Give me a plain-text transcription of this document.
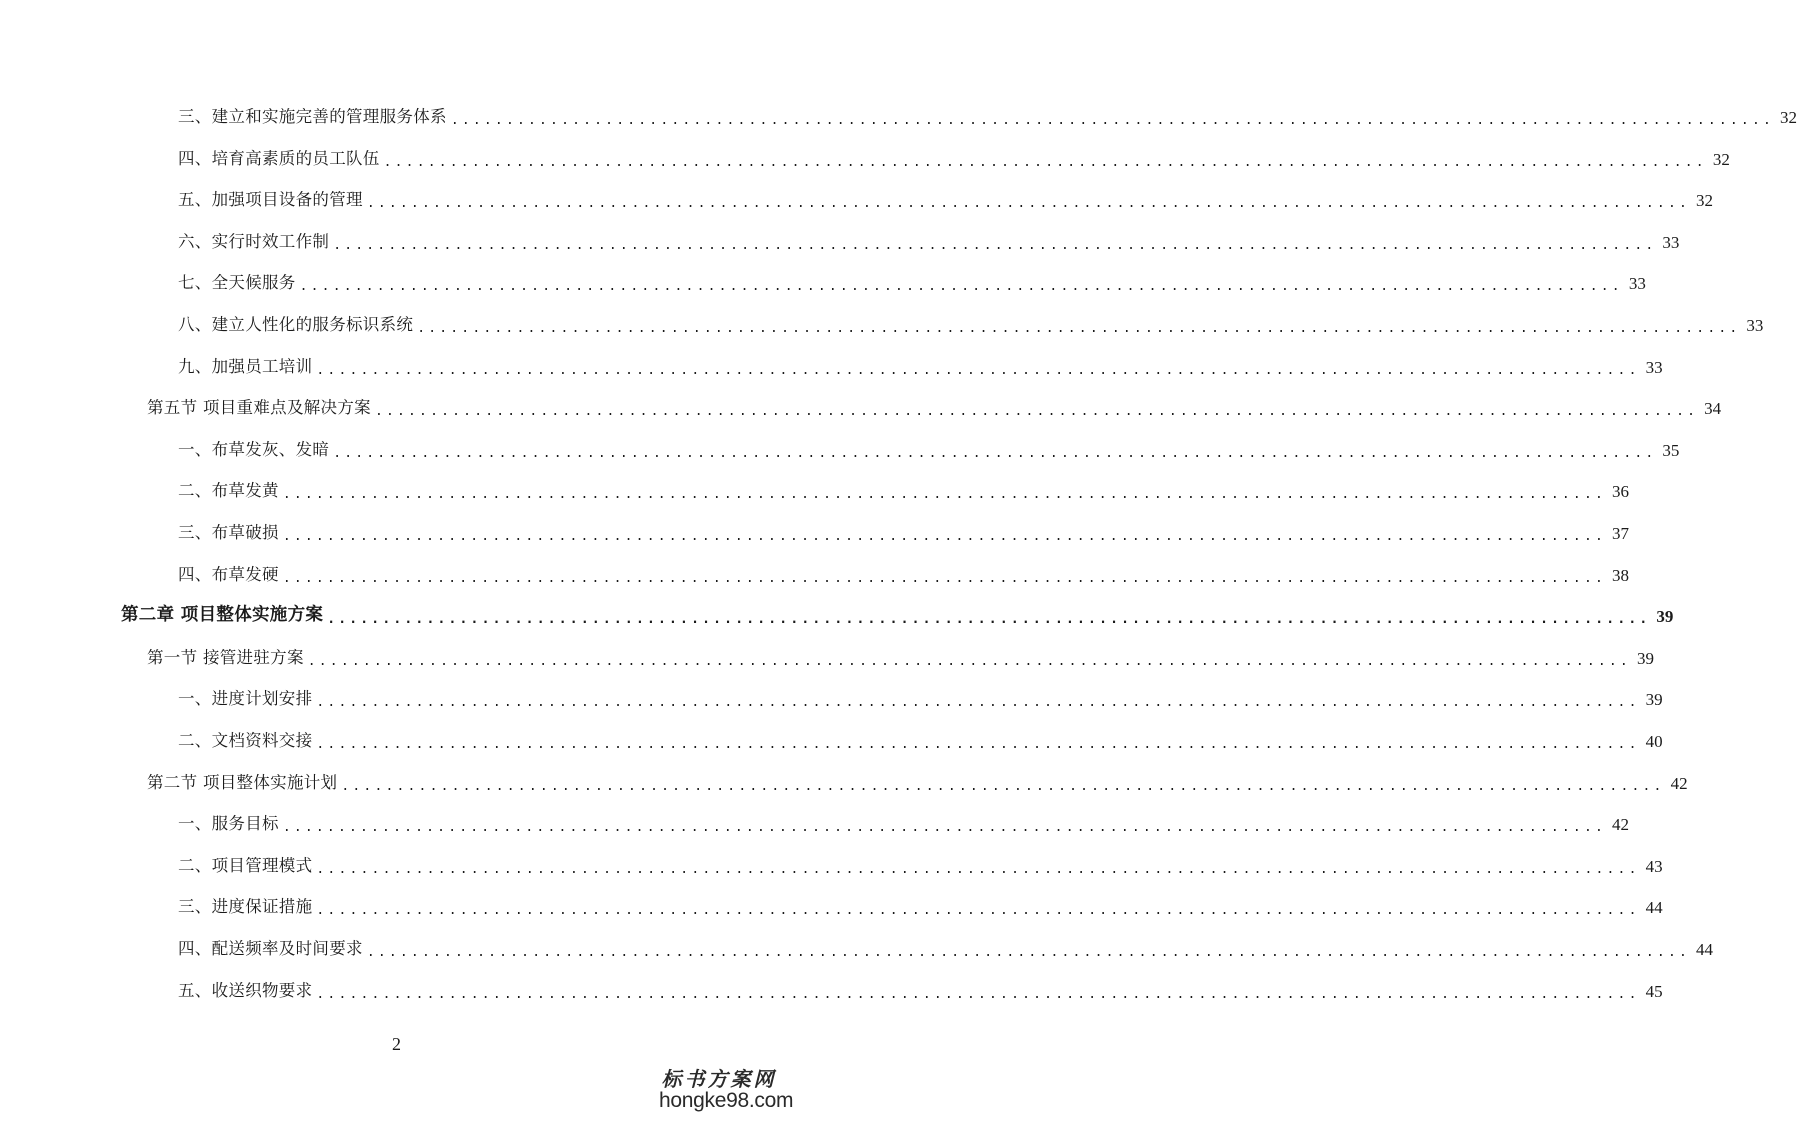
三、建立和实施完善的管理服务体系 ........................................................................................................................ 32
四、培育高素质的员工队伍 ........................................................................................................................ 32
五、加强项目设备的管理 ........................................................................................................................ 32
六、实行时效工作制 ........................................................................................................................ 33
七、全天候服务 ........................................................................................................................ 33
八、建立人性化的服务标识系统 ........................................................................................................................ 33
九、加强员工培训 ........................................................................................................................ 33
第五节 项目重难点及解决方案 ........................................................................................................................ 34
一、布草发灰、发暗 ........................................................................................................................ 35
二、布草发黄 ........................................................................................................................ 36
三、布草破损 ........................................................................................................................ 37
四、布草发硬 ........................................................................................................................ 38
第二章 项目整体实施方案 ........................................................................................................................ 39
第一节 接管进驻方案 ........................................................................................................................ 39
一、进度计划安排 ........................................................................................................................ 39
二、文档资料交接 ........................................................................................................................ 40
第二节 项目整体实施计划 ........................................................................................................................ 42
一、服务目标 ........................................................................................................................ 42
二、项目管理模式 ........................................................................................................................ 43
三、进度保证措施 ........................................................................................................................ 44
四、配送频率及时间要求 ........................................................................................................................ 44
五、收送织物要求 ........................................................................................................................ 45
2
标书方案网
hongke98.com
